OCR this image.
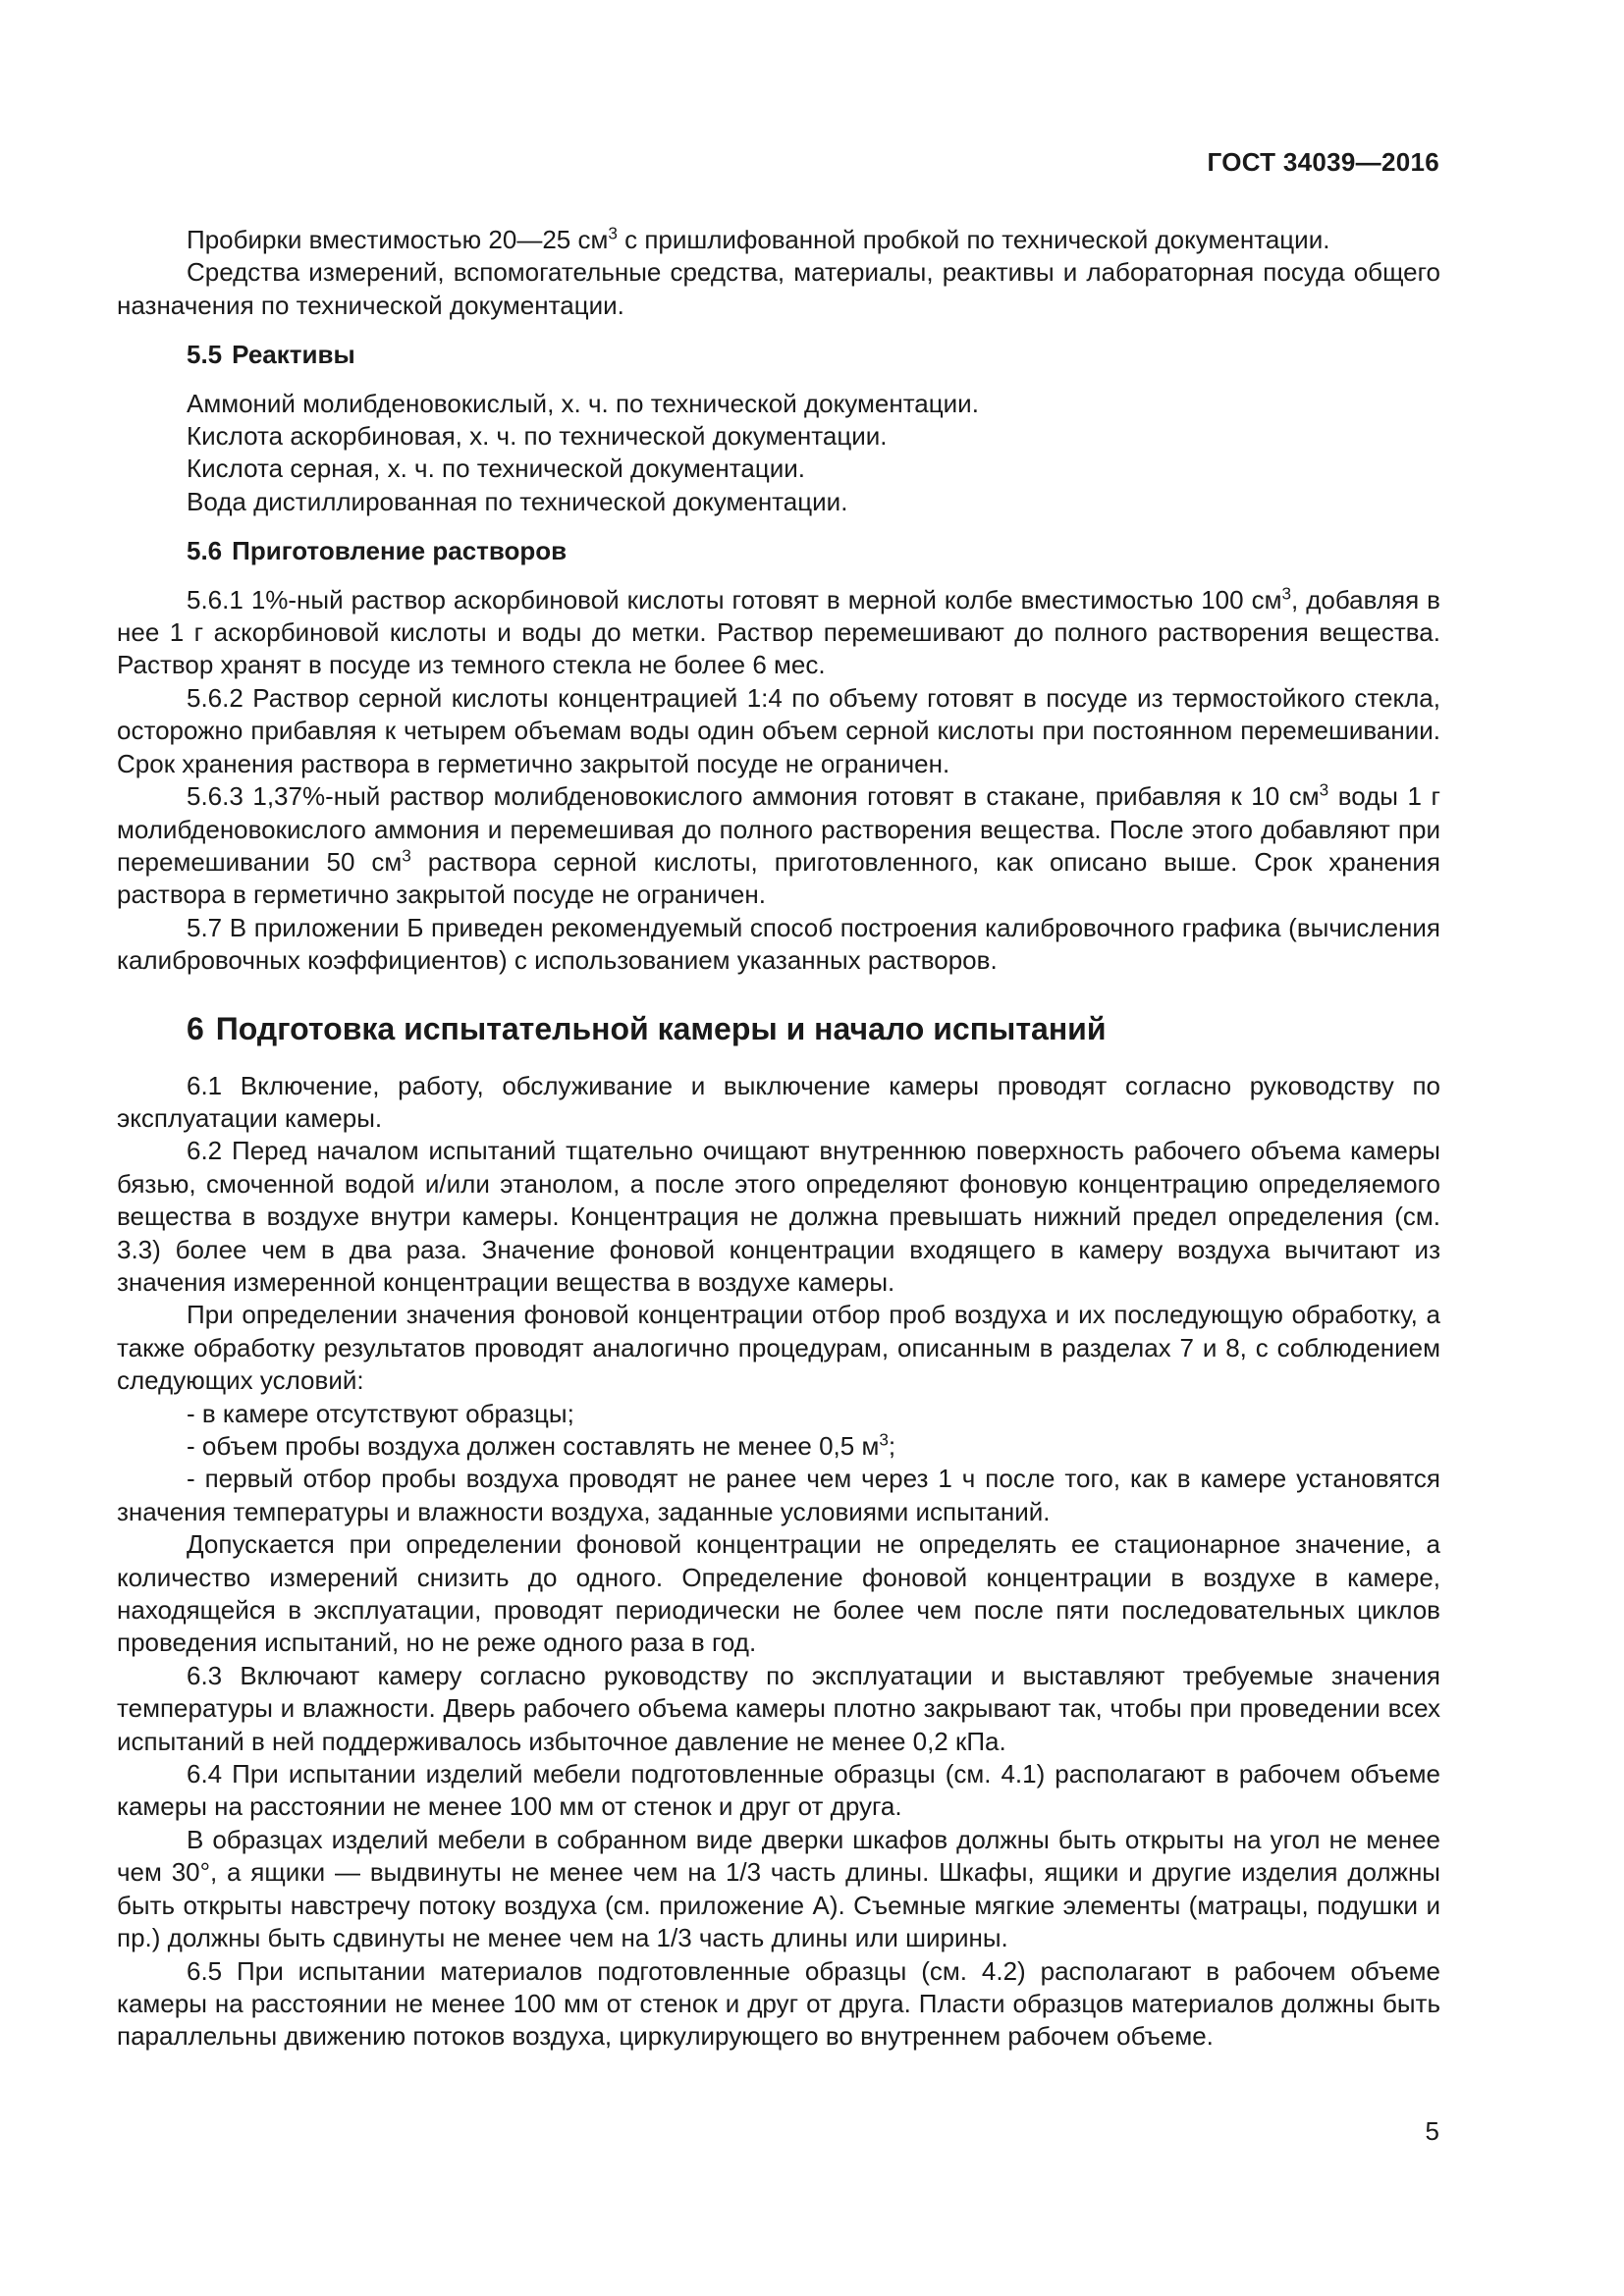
ГОСТ 34039—2016

Пробирки вместимостью 20—25 $см^3$ с пришлифованной пробкой по технической документации.

Средства измерений, вспомогательные средства, материалы, реактивы и лабораторная посуда общего назначения по технической документации.

5.5 Реактивы

Аммоний молибденовокислый, х. ч. по технической документации.

Кислота аскорбиновая, х. ч. по технической документации.

Кислота серная, х. ч. по технической документации.

Вода дистиллированная по технической документации.

5.6 Приготовление растворов

5.6.1 1%-ный раствор аскорбиновой кислоты готовят в мерной колбе вместимостью 100 $см^3$, добавляя в нее 1 г аскорбиновой кислоты и воды до метки. Раствор перемешивают до полного растворения вещества. Раствор хранят в посуде из темного стекла не более 6 мес.

5.6.2 Раствор серной кислоты концентрацией 1:4 по объему готовят в посуде из термостойкого стекла, осторожно прибавляя к четырем объемам воды один объем серной кислоты при постоянном перемешивании. Срок хранения раствора в герметично закрытой посуде не ограничен.

5.6.3 1,37%-ный раствор молибденовокислого аммония готовят в стакане, прибавляя к 10 $см^3$ воды 1 г молибденовокислого аммония и перемешивая до полного растворения вещества. После этого добавляют при перемешивании 50 $см^3$ раствора серной кислоты, приготовленного, как описано выше. Срок хранения раствора в герметично закрытой посуде не ограничен.

5.7 В приложении Б приведен рекомендуемый способ построения калибровочного графика (вычисления калибровочных коэффициентов) с использованием указанных растворов.

6 Подготовка испытательной камеры и начало испытаний

6.1 Включение, работу, обслуживание и выключение камеры проводят согласно руководству по эксплуатации камеры.

6.2 Перед началом испытаний тщательно очищают внутреннюю поверхность рабочего объема камеры бязью, смоченной водой и/или этанолом, а после этого определяют фоновую концентрацию определяемого вещества в воздухе внутри камеры. Концентрация не должна превышать нижний предел определения (см. 3.3) более чем в два раза. Значение фоновой концентрации входящего в камеру воздуха вычитают из значения измеренной концентрации вещества в воздухе камеры.

При определении значения фоновой концентрации отбор проб воздуха и их последующую обработку, а также обработку результатов проводят аналогично процедурам, описанным в разделах 7 и 8, с соблюдением следующих условий:

- в камере отсутствуют образцы;

- объем пробы воздуха должен составлять не менее 0,5 $м^3$;

- первый отбор пробы воздуха проводят не ранее чем через 1 ч после того, как в камере установятся значения температуры и влажности воздуха, заданные условиями испытаний.

Допускается при определении фоновой концентрации не определять ее стационарное значение, а количество измерений снизить до одного. Определение фоновой концентрации в воздухе в камере, находящейся в эксплуатации, проводят периодически не более чем после пяти последовательных циклов проведения испытаний, но не реже одного раза в год.

6.3 Включают камеру согласно руководству по эксплуатации и выставляют требуемые значения температуры и влажности. Дверь рабочего объема камеры плотно закрывают так, чтобы при проведении всех испытаний в ней поддерживалось избыточное давление не менее 0,2 кПа.

6.4 При испытании изделий мебели подготовленные образцы (см. 4.1) располагают в рабочем объеме камеры на расстоянии не менее 100 мм от стенок и друг от друга.

В образцах изделий мебели в собранном виде дверки шкафов должны быть открыты на угол не менее чем 30°, а ящики — выдвинуты не менее чем на 1/3 часть длины. Шкафы, ящики и другие изделия должны быть открыты навстречу потоку воздуха (см. приложение А). Съемные мягкие элементы (матрацы, подушки и пр.) должны быть сдвинуты не менее чем на 1/3 часть длины или ширины.

6.5 При испытании материалов подготовленные образцы (см. 4.2) располагают в рабочем объеме камеры на расстоянии не менее 100 мм от стенок и друг от друга. Пласти образцов материалов должны быть параллельны движению потоков воздуха, циркулирующего во внутреннем рабочем объеме.

5
